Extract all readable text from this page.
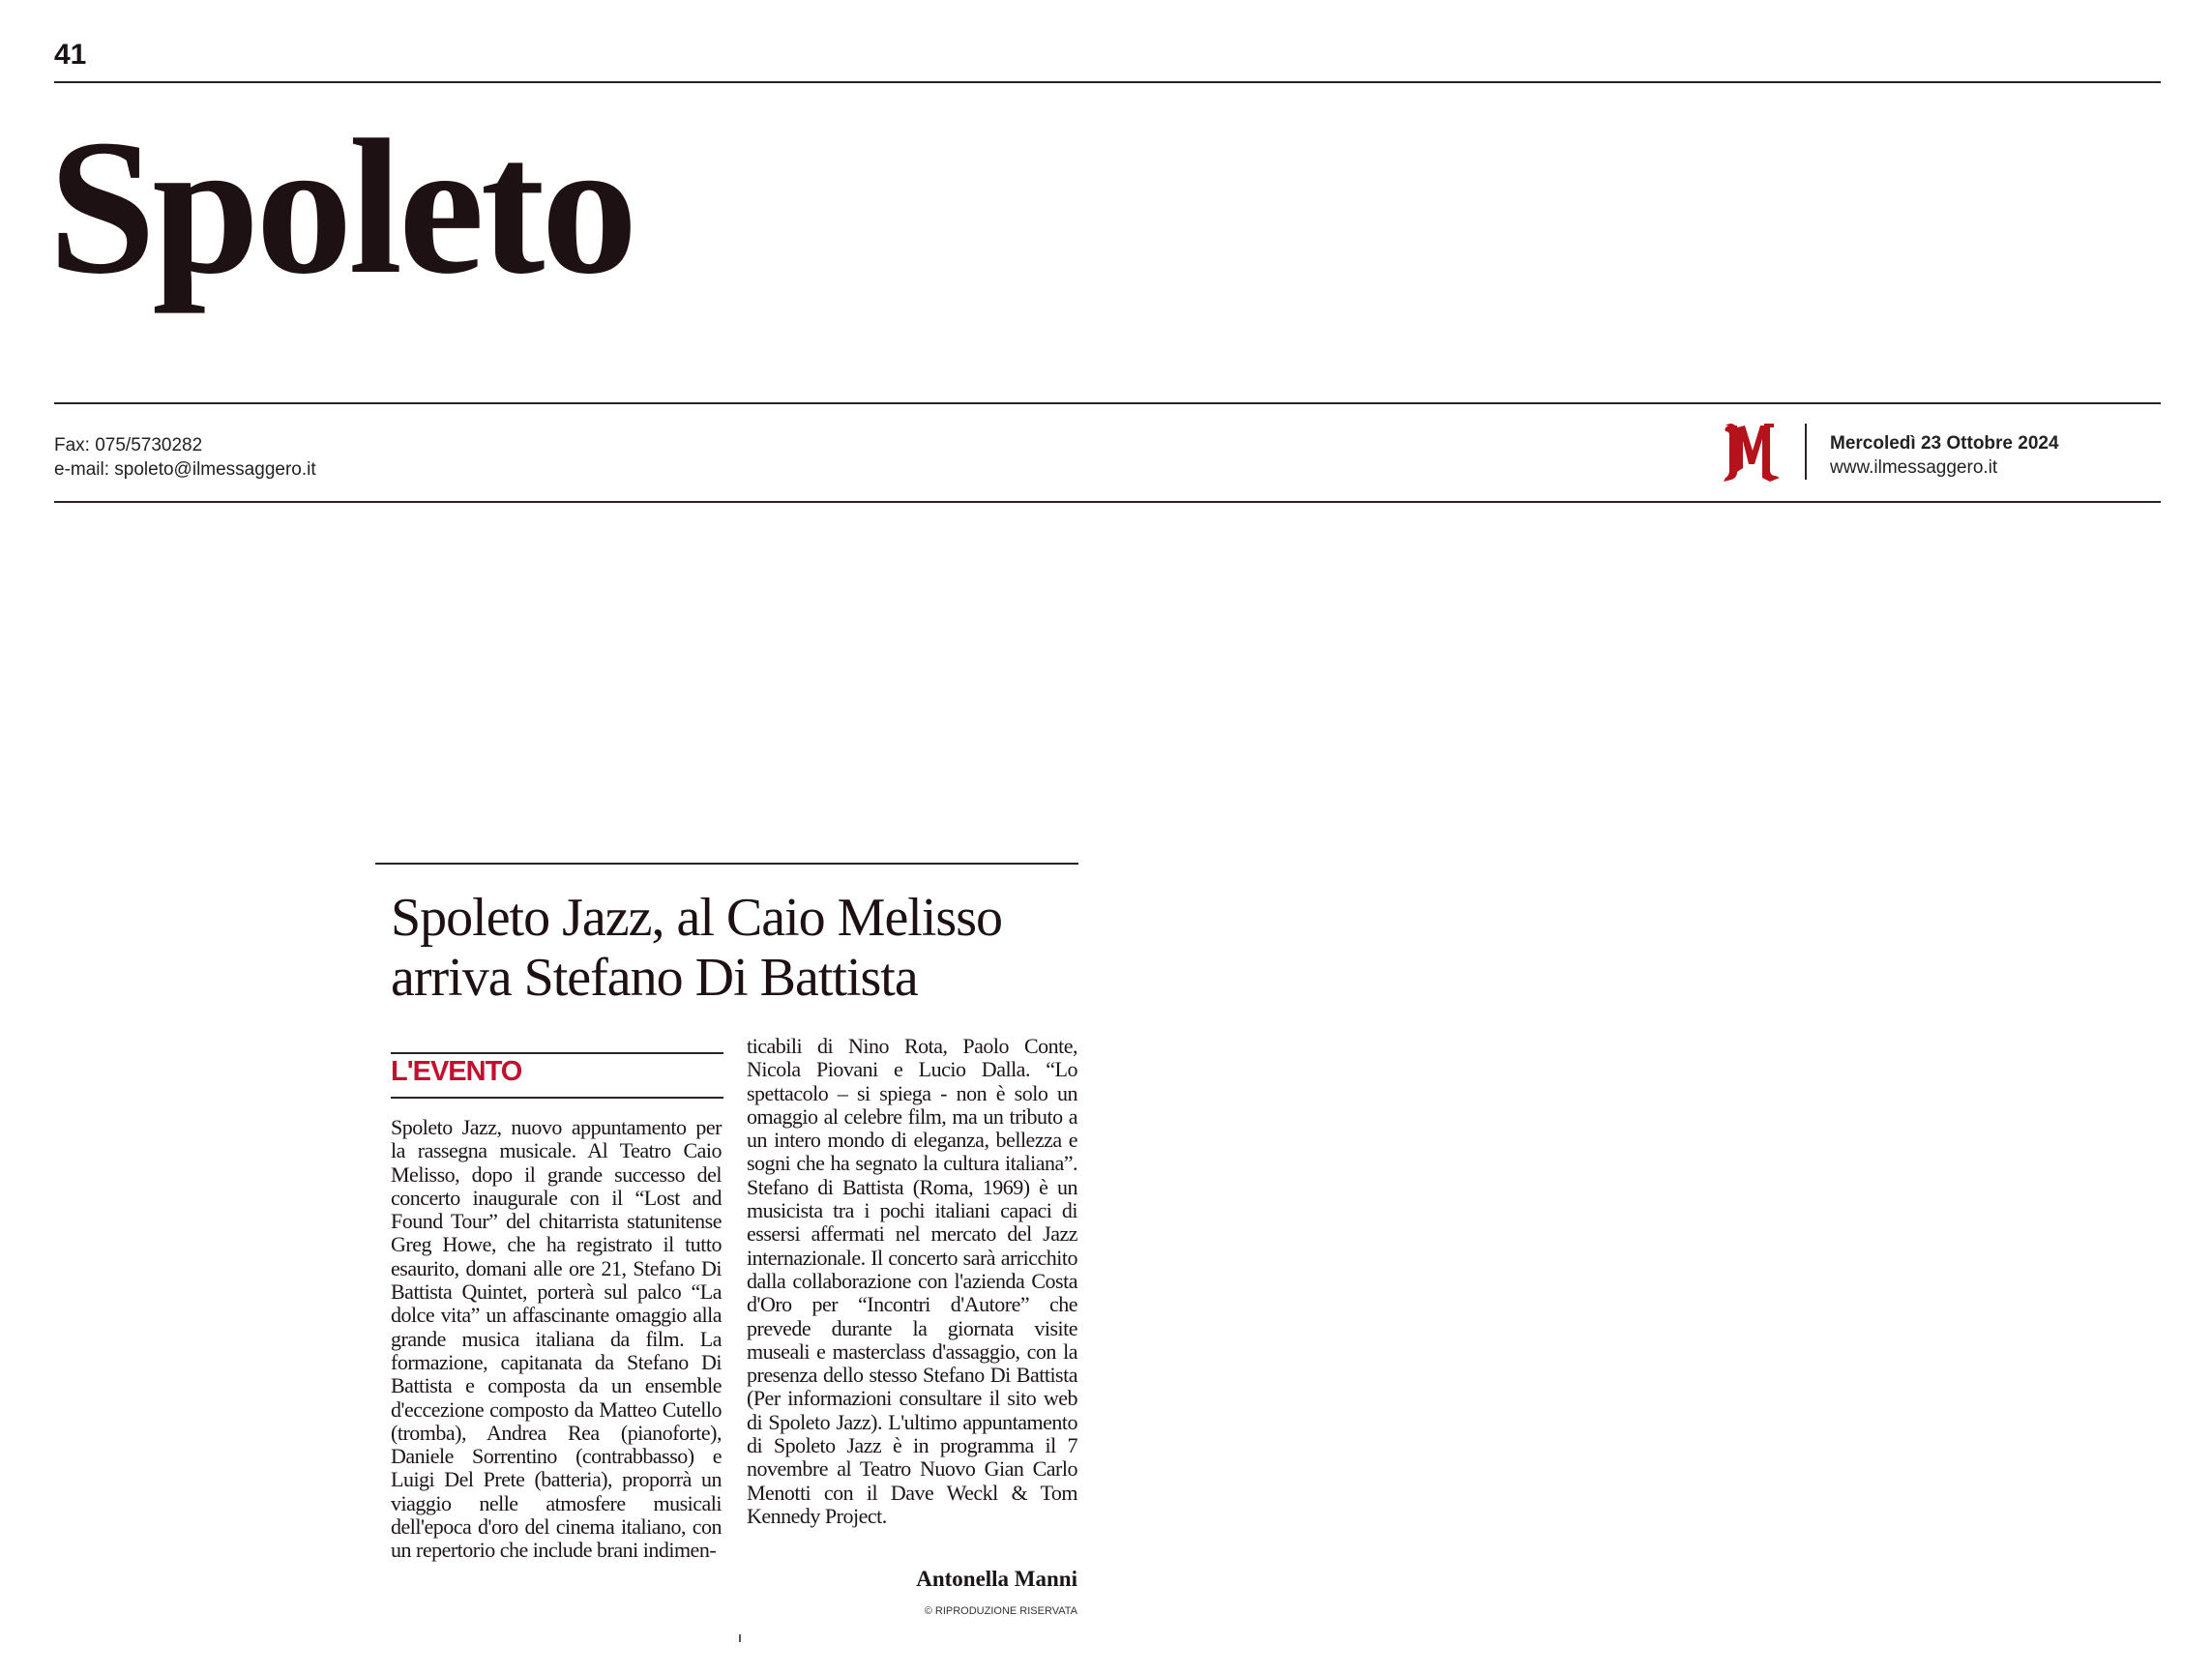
41
Spoleto
Fax: 075/5730282
e-mail: spoleto@ilmessaggero.it
Mercoledì 23 Ottobre 2024
www.ilmessaggero.it
Spoleto Jazz, al Caio Melisso
arriva Stefano Di Battista
L'EVENTO
Spoleto Jazz, nuovo appuntamento per la rassegna musicale. Al Teatro Caio Melisso, dopo il grande successo del concerto inaugurale con il “Lost and Found Tour” del chitarrista statunitense Greg Howe, che ha registrato il tutto esaurito, domani alle ore 21, Stefano Di Battista Quintet, porterà sul palco “La dolce vita” un affascinante omaggio alla grande musica italiana da film. La formazione, capitanata da Stefano Di Battista e composta da un ensemble d'eccezione composto da Matteo Cutello (tromba), Andrea Rea (pianoforte), Daniele Sorrentino (contrabbasso) e Luigi Del Prete (batteria), proporrà un viaggio nelle atmosfere musicali dell'epoca d'oro del cinema italiano, con un repertorio che include brani indimen-
ticabili di Nino Rota, Paolo Conte, Nicola Piovani e Lucio Dalla. “Lo spettacolo – si spiega - non è solo un omaggio al celebre film, ma un tributo a un intero mondo di eleganza, bellezza e sogni che ha segnato la cultura italiana”. Stefano di Battista (Roma, 1969) è un musicista tra i pochi italiani capaci di essersi affermati nel mercato del Jazz internazionale. Il concerto sarà arricchito dalla collaborazione con l'azienda Costa d'Oro per “Incontri d'Autore” che prevede durante la giornata visite museali e masterclass d'assaggio, con la presenza dello stesso Stefano Di Battista (Per informazioni consultare il sito web di Spoleto Jazz). L'ultimo appuntamento di Spoleto Jazz è in programma il 7 novembre al Teatro Nuovo Gian Carlo Menotti con il Dave Weckl & Tom Kennedy Project.
Antonella Manni
© RIPRODUZIONE RISERVATA
